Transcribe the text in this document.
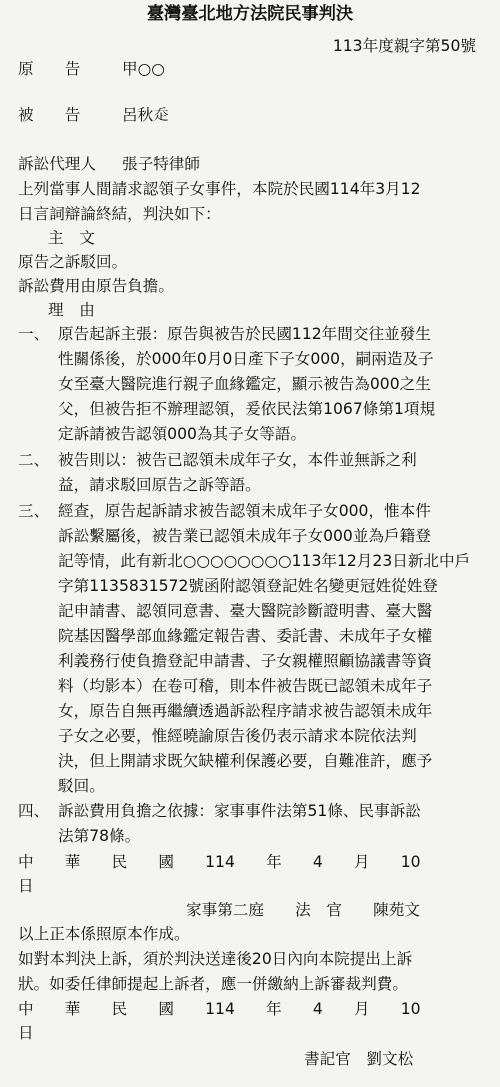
臺灣臺北地方法院民事判決
113年度親字第50號
原　　告	甲○○
被　　告	呂秋𧺆
訴訟代理人 張子特律師
上列當事人間請求認領子女事件，本院於民國114年3月12
日言詞辯論終結，判決如下：
主　文
原告之訴駁回。
訴訟費用由原告負擔。
理　由
一、 原告起訴主張：原告與被告於民國112年間交往並發生
性關係後，於000年0月0日產下子女000，嗣兩造及子
女至臺大醫院進行親子血緣鑑定，顯示被告為000之生
父，但被告拒不辦理認領，爰依民法第1067條第1項規
定訴請被告認領000為其子女等語。
二、 被告則以：被告已認領未成年子女，本件並無訴之利
益，請求駁回原告之訴等語。
三、 經查，原告起訴請求被告認領未成年子女000，惟本件
訴訟繫屬後，被告業已認領未成年子女000並為戶籍登
記等情，此有新北○○○○○○○○113年12月23日新北中戶
字第1135831572號函附認領登記姓名變更冠姓從姓登
記申請書、認領同意書、臺大醫院診斷證明書、臺大醫
院基因醫學部血緣鑑定報告書、委託書、未成年子女權
利義務行使負擔登記申請書、子女親權照顧協議書等資
料（均影本）在卷可稽，則本件被告既已認領未成年子
女，原告自無再繼續透過訴訟程序請求被告認領未成年
子女之必要，惟經曉諭原告後仍表示請求本院依法判
決，但上開請求既欠缺權利保護必要，自難准許，應予
駁回。
四、 訴訟費用負擔之依據：家事事件法第51條、民事訴訟
法第78條。
中　　華　　民　　國　　114　　年　　4　　月　　10
日
家事第二庭　　法　官　　陳苑文
以上正本係照原本作成。
如對本判決上訴，須於判決送達後20日內向本院提出上訴
狀。如委任律師提起上訴者，應一併繳納上訴審裁判費。
中　　華　　民　　國　　114　　年　　4　　月　　10
日
書記官　劉文松
